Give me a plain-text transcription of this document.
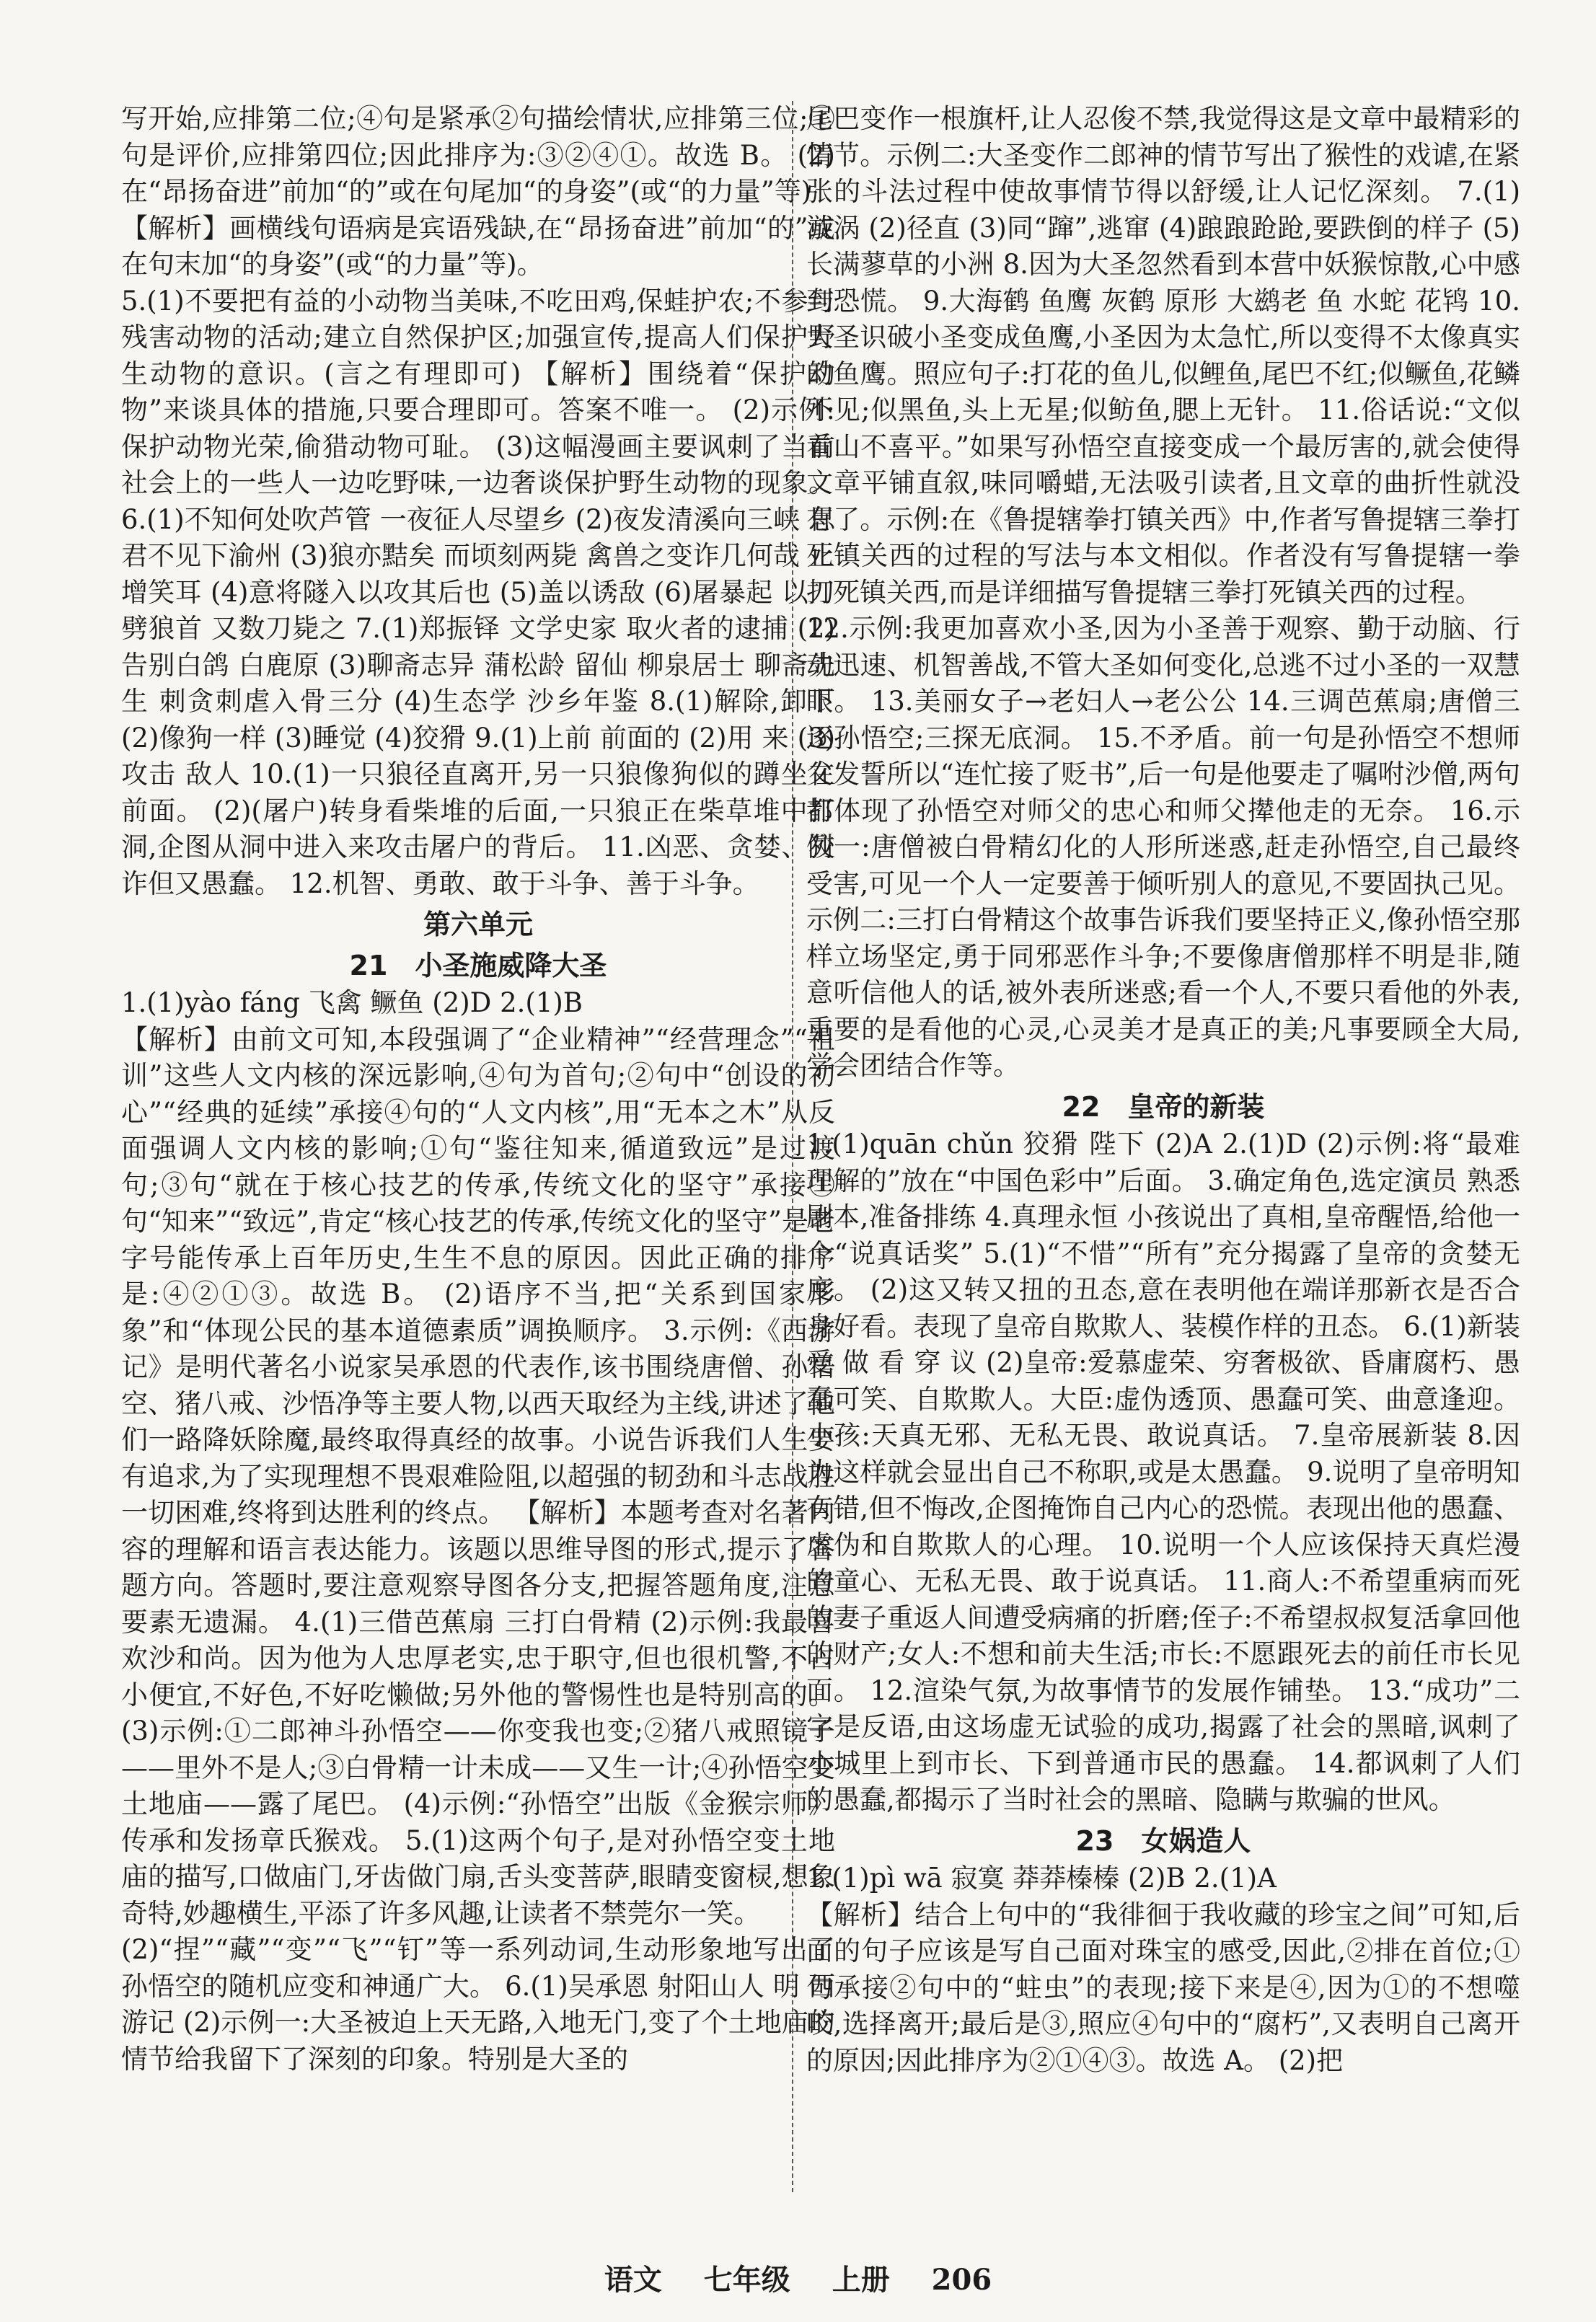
写开始,应排第二位;④句是紧承②句描绘情状,应排第三位;①句是评价,应排第四位;因此排序为:③②④①。故选 B。 (2)在“昂扬奋进”前加“的”或在句尾加“的身姿”(或“的力量”等)

【解析】画横线句语病是宾语残缺,在“昂扬奋进”前加“的”或在句末加“的身姿”(或“的力量”等)。

5.(1)不要把有益的小动物当美味,不吃田鸡,保蛙护农;不参与残害动物的活动;建立自然保护区;加强宣传,提高人们保护野生动物的意识。(言之有理即可) 【解析】围绕着“保护动物”来谈具体的措施,只要合理即可。答案不唯一。 (2)示例:保护动物光荣,偷猎动物可耻。 (3)这幅漫画主要讽刺了当前社会上的一些人一边吃野味,一边奢谈保护野生动物的现象。 6.(1)不知何处吹芦管 一夜征人尽望乡 (2)夜发清溪向三峡 思君不见下渝州 (3)狼亦黠矣 而顷刻两毙 禽兽之变诈几何哉 止增笑耳 (4)意将隧入以攻其后也 (5)盖以诱敌 (6)屠暴起 以刀劈狼首 又数刀毙之 7.(1)郑振铎 文学史家 取火者的逮捕 (2)告别白鸽 白鹿原 (3)聊斋志异 蒲松龄 留仙 柳泉居士 聊斋先生 刺贪刺虐入骨三分 (4)生态学 沙乡年鉴 8.(1)解除,卸下 (2)像狗一样 (3)睡觉 (4)狡猾 9.(1)上前 前面的 (2)用 来 (3)攻击 敌人 10.(1)一只狼径直离开,另一只狼像狗似的蹲坐在前面。 (2)(屠户)转身看柴堆的后面,一只狼正在柴草堆中打洞,企图从洞中进入来攻击屠户的背后。 11.凶恶、贪婪、狡诈但又愚蠢。 12.机智、勇敢、敢于斗争、善于斗争。

第六单元
21　小圣施威降大圣

1.(1)yào fáng 飞禽 鳜鱼 (2)D 2.(1)B

【解析】由前文可知,本段强调了“企业精神”“经营理念”“祖训”这些人文内核的深远影响,④句为首句;②句中“创设的初心”“经典的延续”承接④句的“人文内核”,用“无本之木”从反面强调人文内核的影响;①句“鉴往知来,循道致远”是过渡句;③句“就在于核心技艺的传承,传统文化的坚守”承接①句“知来”“致远”,肯定“核心技艺的传承,传统文化的坚守”是老字号能传承上百年历史,生生不息的原因。因此正确的排序是:④②①③。故选 B。 (2)语序不当,把“关系到国家形象”和“体现公民的基本道德素质”调换顺序。 3.示例:《西游记》是明代著名小说家吴承恩的代表作,该书围绕唐僧、孙悟空、猪八戒、沙悟净等主要人物,以西天取经为主线,讲述了他们一路降妖除魔,最终取得真经的故事。小说告诉我们人生要有追求,为了实现理想不畏艰难险阻,以超强的韧劲和斗志战胜一切困难,终将到达胜利的终点。 【解析】本题考查对名著内容的理解和语言表达能力。该题以思维导图的形式,提示了答题方向。答题时,要注意观察导图各分支,把握答题角度,注意要素无遗漏。 4.(1)三借芭蕉扇 三打白骨精 (2)示例:我最喜欢沙和尚。因为他为人忠厚老实,忠于职守,但也很机警,不占小便宜,不好色,不好吃懒做;另外他的警惕性也是特别高的。 (3)示例:①二郎神斗孙悟空——你变我也变;②猪八戒照镜子——里外不是人;③白骨精一计未成——又生一计;④孙悟空变土地庙——露了尾巴。 (4)示例:“孙悟空”出版《金猴宗师》传承和发扬章氏猴戏。 5.(1)这两个句子,是对孙悟空变土地庙的描写,口做庙门,牙齿做门扇,舌头变菩萨,眼睛变窗棂,想象奇特,妙趣横生,平添了许多风趣,让读者不禁莞尔一笑。

(2)“捏”“藏”“变”“飞”“钉”等一系列动词,生动形象地写出了孙悟空的随机应变和神通广大。 6.(1)吴承恩 射阳山人 明 西游记 (2)示例一:大圣被迫上天无路,入地无门,变了个土地庙的情节给我留下了深刻的印象。特别是大圣的

尾巴变作一根旗杆,让人忍俊不禁,我觉得这是文章中最精彩的情节。示例二:大圣变作二郎神的情节写出了猴性的戏谑,在紧张的斗法过程中使故事情节得以舒缓,让人记忆深刻。 7.(1)漩涡 (2)径直 (3)同“蹿”,逃窜 (4)踉踉跄跄,要跌倒的样子 (5)长满蓼草的小洲 8.因为大圣忽然看到本营中妖猴惊散,心中感到恐慌。 9.大海鹤 鱼鹰 灰鹤 原形 大鹚老 鱼 水蛇 花鸨 10.大圣识破小圣变成鱼鹰,小圣因为太急忙,所以变得不太像真实的鱼鹰。照应句子:打花的鱼儿,似鲤鱼,尾巴不红;似鳜鱼,花鳞不见;似黑鱼,头上无星;似鲂鱼,腮上无针。 11.俗话说:“文似看山不喜平。”如果写孙悟空直接变成一个最厉害的,就会使得文章平铺直叙,味同嚼蜡,无法吸引读者,且文章的曲折性就没有了。示例:在《鲁提辖拳打镇关西》中,作者写鲁提辖三拳打死镇关西的过程的写法与本文相似。作者没有写鲁提辖一拳打死镇关西,而是详细描写鲁提辖三拳打死镇关西的过程。

12.示例:我更加喜欢小圣,因为小圣善于观察、勤于动脑、行动迅速、机智善战,不管大圣如何变化,总逃不过小圣的一双慧眼。 13.美丽女子→老妇人→老公公 14.三调芭蕉扇;唐僧三逐孙悟空;三探无底洞。 15.不矛盾。前一句是孙悟空不想师父发誓所以“连忙接了贬书”,后一句是他要走了嘱咐沙僧,两句都体现了孙悟空对师父的忠心和师父撵他走的无奈。 16.示例一:唐僧被白骨精幻化的人形所迷惑,赶走孙悟空,自己最终受害,可见一个人一定要善于倾听别人的意见,不要固执己见。示例二:三打白骨精这个故事告诉我们要坚持正义,像孙悟空那样立场坚定,勇于同邪恶作斗争;不要像唐僧那样不明是非,随意听信他人的话,被外表所迷惑;看一个人,不要只看他的外表,重要的是看他的心灵,心灵美才是真正的美;凡事要顾全大局,学会团结合作等。

22　皇帝的新装

1.(1)quān chǔn 狡猾 陛下 (2)A 2.(1)D (2)示例:将“最难理解的”放在“中国色彩中”后面。 3.确定角色,选定演员 熟悉剧本,准备排练 4.真理永恒 小孩说出了真相,皇帝醒悟,给他一个“说真话奖” 5.(1)“不惜”“所有”充分揭露了皇帝的贪婪无度。 (2)这又转又扭的丑态,意在表明他在端详那新衣是否合身好看。表现了皇帝自欺欺人、装模作样的丑态。 6.(1)新装 爱 做 看 穿 议 (2)皇帝:爱慕虚荣、穷奢极欲、昏庸腐朽、愚蠢可笑、自欺欺人。大臣:虚伪透顶、愚蠢可笑、曲意逢迎。小孩:天真无邪、无私无畏、敢说真话。 7.皇帝展新装 8.因为这样就会显出自己不称职,或是太愚蠢。 9.说明了皇帝明知有错,但不悔改,企图掩饰自己内心的恐慌。表现出他的愚蠢、虚伪和自欺欺人的心理。 10.说明一个人应该保持天真烂漫的童心、无私无畏、敢于说真话。 11.商人:不希望重病而死的妻子重返人间遭受病痛的折磨;侄子:不希望叔叔复活拿回他的财产;女人:不想和前夫生活;市长:不愿跟死去的前任市长见面。 12.渲染气氛,为故事情节的发展作铺垫。 13.“成功”二字是反语,由这场虚无试验的成功,揭露了社会的黑暗,讽刺了小城里上到市长、下到普通市民的愚蠢。 14.都讽刺了人们的愚蠢,都揭示了当时社会的黑暗、隐瞒与欺骗的世风。

23　女娲造人

1.(1)pì wā 寂寞 莽莽榛榛 (2)B 2.(1)A

【解析】结合上句中的“我徘徊于我收藏的珍宝之间”可知,后面的句子应该是写自己面对珠宝的感受,因此,②排在首位;①句承接②句中的“蛀虫”的表现;接下来是④,因为①的不想噬咬,选择离开;最后是③,照应④句中的“腐朽”,又表明自己离开的原因;因此排序为②①④③。故选 A。 (2)把

语文 七年级 上册 206
